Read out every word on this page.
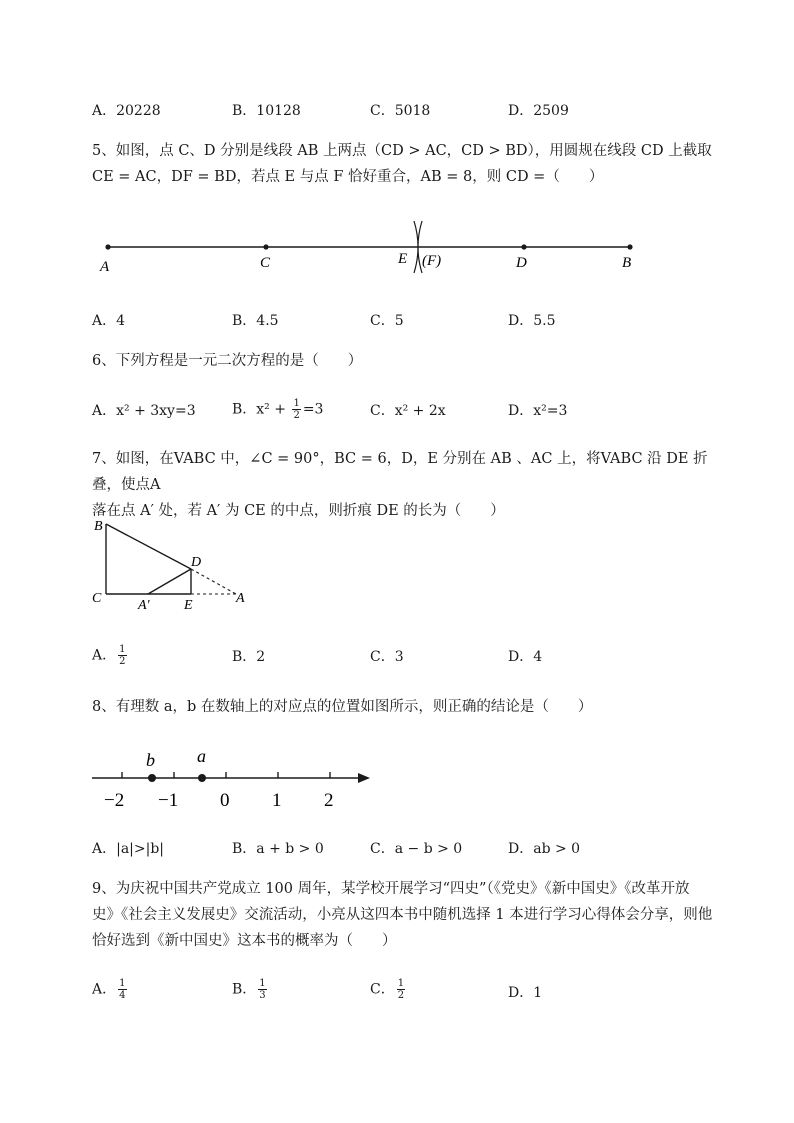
A．20228	B．10128	C．5018	D．2509
5、如图，点 C、D 分别是线段 AB 上两点（CD > AC，CD > BD），用圆规在线段 CD 上截取
CE = AC，DF = BD，若点 E 与点 F 恰好重合，AB = 8，则 CD =（　　）
A	C	E (F)	D	B
A．4	B．4.5	C．5	D．5.5
6、下列方程是一元二次方程的是（　　）
A．x² + 3xy=3	B．$x^2 + \frac{1}{2} =3$	C．x² + 2x	D．x²=3
7、如图，在VABC 中，∠C = 90°，BC = 6，D，E 分别在 AB 、AC 上，将VABC 沿 DE 折叠，使点A
落在点 A′ 处，若 A′ 为 CE 的中点，则折痕 DE 的长为（　　）
B
D
C	A′ E	A
A． $\frac{1}{2}$	B．2	C．3	D．4
8、有理数 a，b 在数轴上的对应点的位置如图所示，则正确的结论是（　　）
b a
−2 −1 0 1 2
A．|a|>|b|	B．a + b > 0	C．a − b > 0	D．ab > 0
9、为庆祝中国共产党成立 100 周年，某学校开展学习“四史”（《党史》《新中国史》《改革开放
史》《社会主义发展史》交流活动，小亮从这四本书中随机选择 1 本进行学习心得体会分享，则他
恰好选到《新中国史》这本书的概率为（　　）
A． $\frac{1}{4}$	B． $\frac{1}{3}$	C． $\frac{1}{2}$	D．1
